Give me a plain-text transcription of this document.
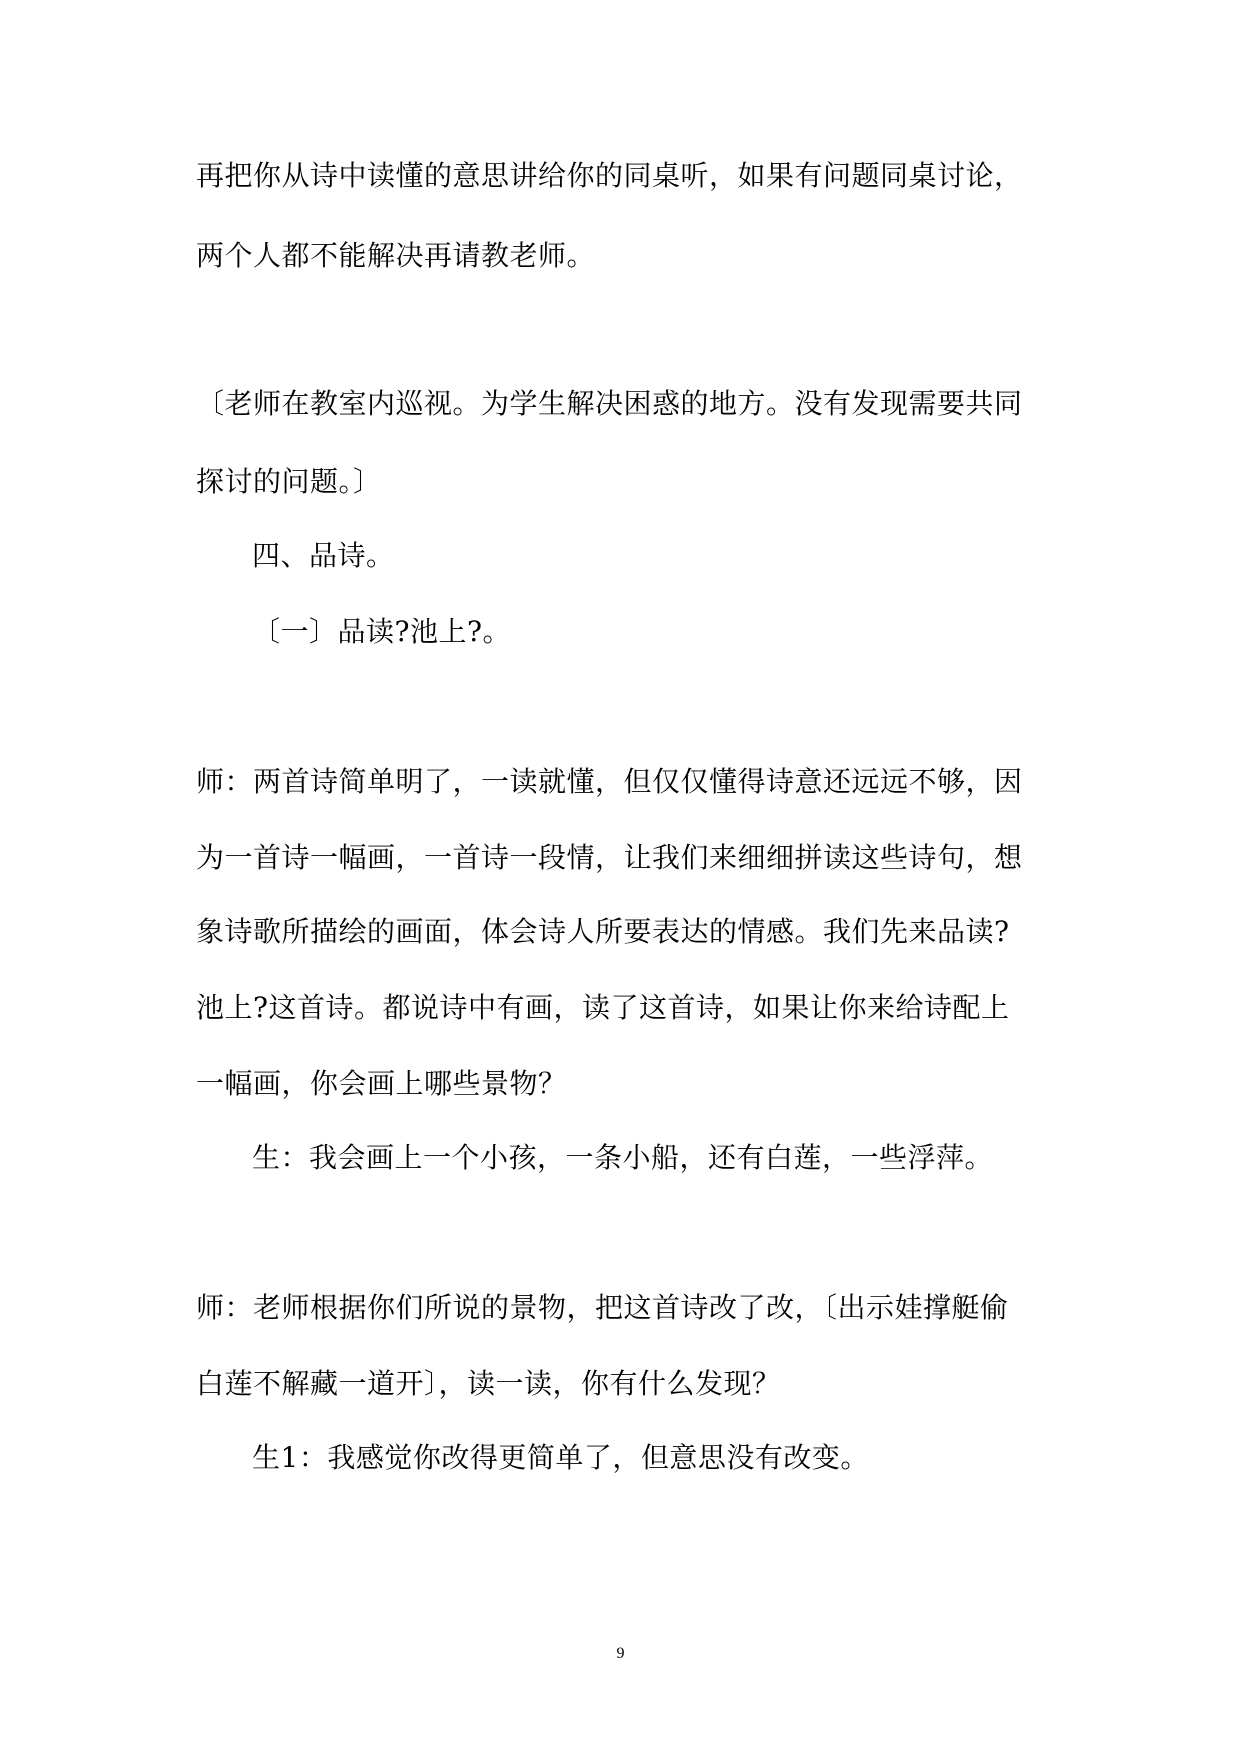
再把你从诗中读懂的意思讲给你的同桌听，如果有问题同桌讨论，
两个人都不能解决再请教老师。
〔老师在教室内巡视。为学生解决困惑的地方。没有发现需要共同
探讨的问题。〕
四、品诗。
〔一〕品读?池上?。
师：两首诗简单明了，一读就懂，但仅仅懂得诗意还远远不够，因
为一首诗一幅画，一首诗一段情，让我们来细细拼读这些诗句，想
象诗歌所描绘的画面，体会诗人所要表达的情感。我们先来品读?
池上?这首诗。都说诗中有画，读了这首诗，如果让你来给诗配上
一幅画，你会画上哪些景物？
生：我会画上一个小孩，一条小船，还有白莲，一些浮萍。
师：老师根据你们所说的景物，把这首诗改了改，〔出示娃撑艇偷
白莲不解藏一道开〕，读一读，你有什么发现？
生1：我感觉你改得更简单了，但意思没有改变。
9
